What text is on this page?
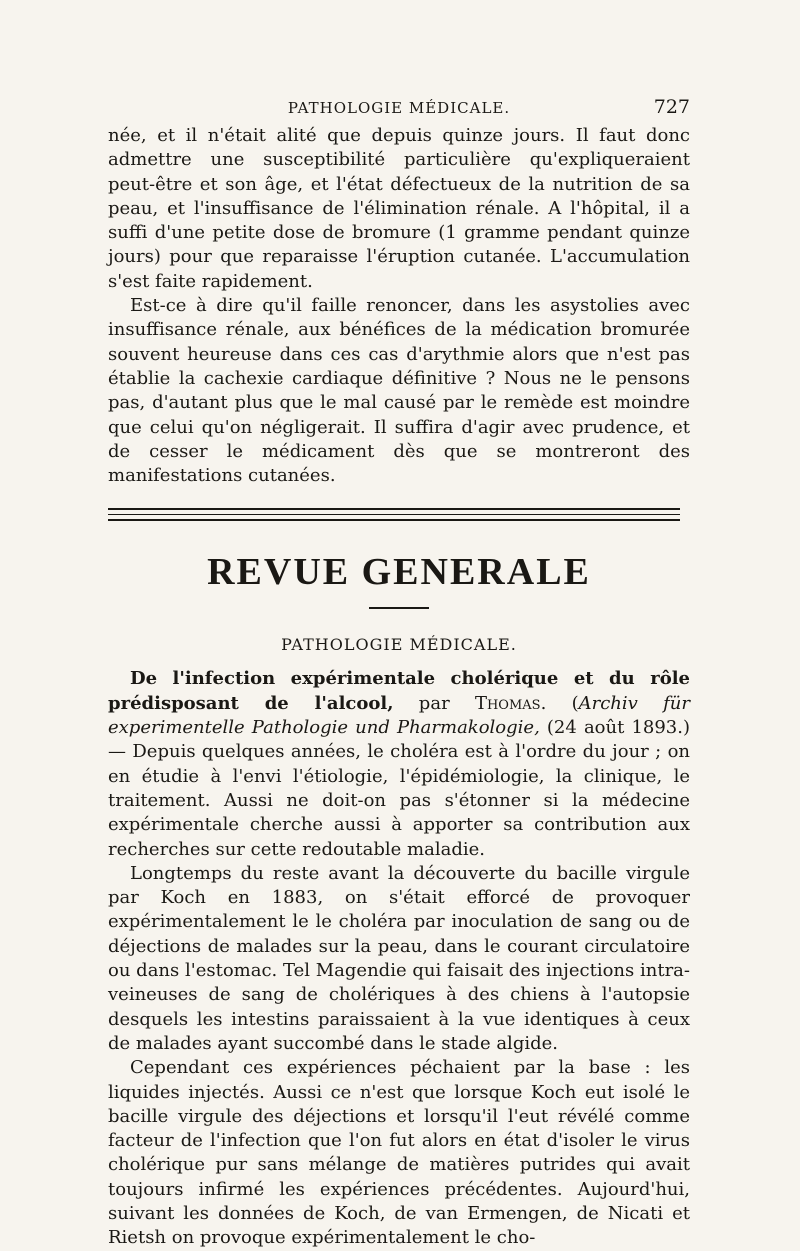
PATHOLOGIE MÉDICALE.	727

née, et il n'était alité que depuis quinze jours. Il faut donc admettre une susceptibilité particulière qu'expliqueraient peut-être et son âge, et l'état défectueux de la nutrition de sa peau, et l'insuffisance de l'élimination rénale. A l'hôpital, il a suffi d'une petite dose de bromure (1 gramme pendant quinze jours) pour que reparaisse l'éruption cutanée. L'accumulation s'est faite rapidement.

Est-ce à dire qu'il faille renoncer, dans les asystolies avec insuffisance rénale, aux bénéfices de la médication bromurée souvent heureuse dans ces cas d'arythmie alors que n'est pas établie la cachexie cardiaque définitive ? Nous ne le pensons pas, d'autant plus que le mal causé par le remède est moindre que celui qu'on négligerait. Il suffira d'agir avec prudence, et de cesser le médicament dès que se montreront des manifestations cutanées.

REVUE GENERALE
PATHOLOGIE MÉDICALE.

De l'infection expérimentale cholérique et du rôle prédisposant de l'alcool, par Thomas. (Archiv für experimentelle Pathologie und Pharmakologie, (24 août 1893.) — Depuis quelques années, le choléra est à l'ordre du jour ; on en étudie à l'envi l'étiologie, l'épidémiologie, la clinique, le traitement. Aussi ne doit-on pas s'étonner si la médecine expérimentale cherche aussi à apporter sa contribution aux recherches sur cette redoutable maladie.

Longtemps du reste avant la découverte du bacille virgule par Koch en 1883, on s'était efforcé de provoquer expérimentalement le le choléra par inoculation de sang ou de déjections de malades sur la peau, dans le courant circulatoire ou dans l'estomac. Tel Magendie qui faisait des injections intra-veineuses de sang de cholériques à des chiens à l'autopsie desquels les intestins paraissaient à la vue identiques à ceux de malades ayant succombé dans le stade algide.

Cependant ces expériences péchaient par la base : les liquides injectés. Aussi ce n'est que lorsque Koch eut isolé le bacille virgule des déjections et lorsqu'il l'eut révélé comme facteur de l'infection que l'on fut alors en état d'isoler le virus cholérique pur sans mélange de matières putrides qui avait toujours infirmé les expériences précédentes. Aujourd'hui, suivant les données de Koch, de van Ermengen, de Nicati et Rietsh on provoque expérimentalement le cho-
